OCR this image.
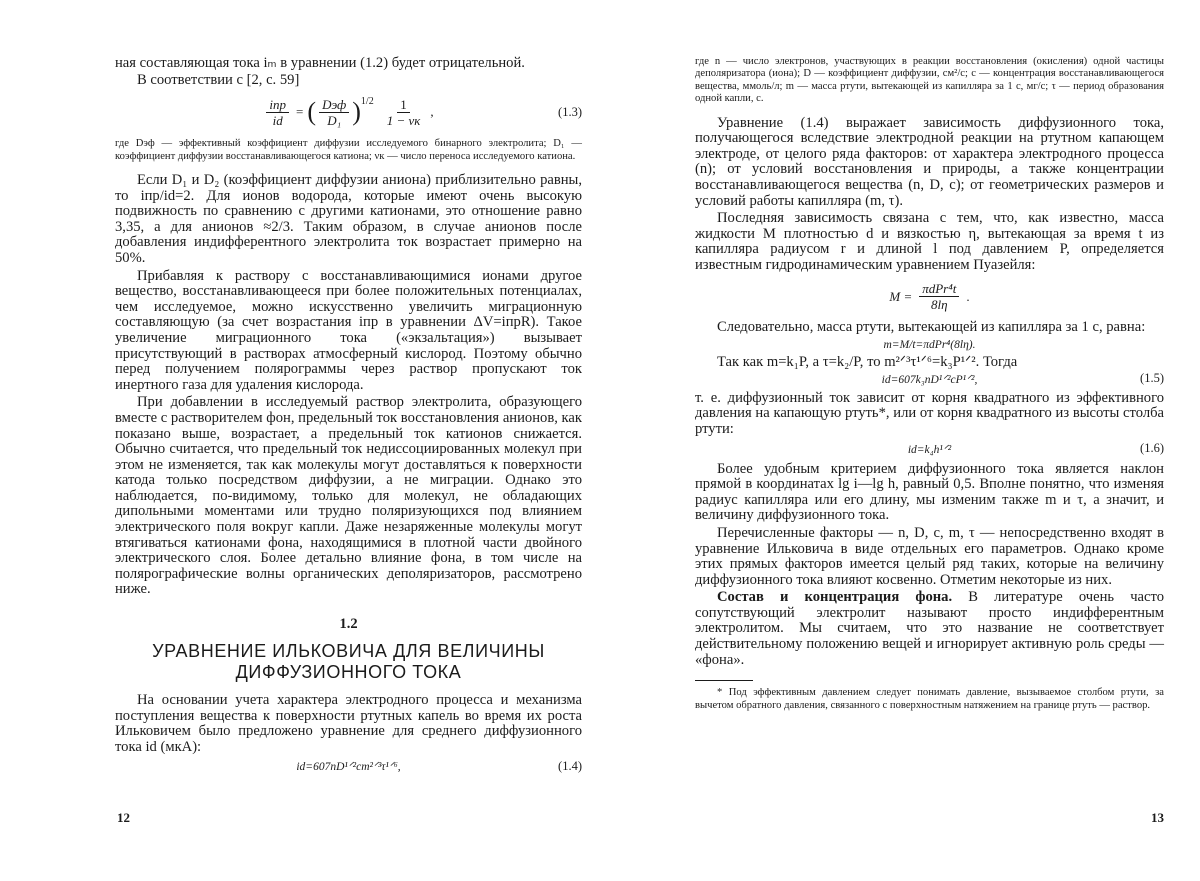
ная составляющая тока iₘ в уравнении (1.2) будет отрицательной.

В соответствии с [2, с. 59]

$\frac{\text{iпр}}{id}$ = ( $\frac{\text{Dэф}}{\text{D₁}} )^{1/2} \frac{1}{1 - \nu к}$ ,	(1.3)

где Dэф — эффективный коэффициент диффузии исследуемого бинарного электролита; D₁ — коэффициент диффузии восстанавливающегося катиона; νк — число переноса исследуемого катиона.

Если D₁ и D₂ (коэффициент диффузии аниона) приблизительно равны, то iпр/id=2. Для ионов водорода, которые имеют очень высокую подвижность по сравнению с другими катионами, это отношение равно 3,35, а для анионов ≈2/3. Таким образом, в случае анионов после добавления индифферентного электролита ток возрастает примерно на 50%.

Прибавляя к раствору с восстанавливающимися ионами другое вещество, восстанавливающееся при более положительных потенциалах, чем исследуемое, можно искусственно увеличить миграционную составляющую (за счет возрастания iпр в уравнении ΔV=iпрR). Такое увеличение миграционного тока («экзальтация») вызывает присутствующий в растворах атмосферный кислород. Поэтому обычно перед получением полярограммы через раствор пропускают ток инертного газа для удаления кислорода.

При добавлении в исследуемый раствор электролита, образующего вместе с растворителем фон, предельный ток восстановления анионов, как показано выше, возрастает, а предельный ток катионов снижается. Обычно считается, что предельный ток недиссоциированных молекул при этом не изменяется, так как молекулы могут доставляться к поверхности катода только посредством диффузии, а не миграции. Однако это наблюдается, по-видимому, только для молекул, не обладающих дипольными моментами или трудно поляризующихся под влиянием электрического поля вокруг капли. Даже незаряженные молекулы могут втягиваться катионами фона, находящимися в плотной части двойного электрического слоя. Более детально влияние фона, в том числе на полярографические волны органических деполяризаторов, рассмотрено ниже.

1.2
УРАВНЕНИЕ ИЛЬКОВИЧА ДЛЯ ВЕЛИЧИНЫ ДИФФУЗИОННОГО ТОКА

На основании учета характера электродного процесса и механизма поступления вещества к поверхности ртутных капель во время их роста Ильковичем было предложено уравнение для среднего диффузионного тока id (мкА):

id=607nD¹ᐟ²cm²ᐟ³τ¹ᐟ⁶,	(1.4)
12

где n — число электронов, участвующих в реакции восстановления (окисления) одной частицы деполяризатора (иона); D — коэффициент диффузии, см²/с; c — концентрация восстанавливающегося вещества, ммоль/л; m — масса ртути, вытекающей из капилляра за 1 с, мг/с; τ — период образования одной капли, с.

Уравнение (1.4) выражает зависимость диффузионного тока, получающегося вследствие электродной реакции на ртутном капающем электроде, от целого ряда факторов: от характера электродного процесса (n); от условий восстановления и природы, а также концентрации восстанавливающегося вещества (n, D, c); от геометрических размеров и условий работы капилляра (m, τ).

Последняя зависимость связана с тем, что, как известно, масса жидкости M плотностью d и вязкостью η, вытекающая за время t из капилляра радиусом r и длиной l под давлением P, определяется известным гидродинамическим уравнением Пуазейля:

$M = \frac{\text{πdPr⁴t}}{8l\eta}$ .

Следовательно, масса ртути, вытекающей из капилляра за 1 с, равна:

m=M/t=πdPr⁴(8lη).

Так как m=k₁P, а τ=k₂/P, то m²ᐟ³τ¹ᐟ⁶=k₃P¹ᐟ². Тогда

id=607k₃nD¹ᐟ²cP¹ᐟ²,	(1.5)

т. е. диффузионный ток зависит от корня квадратного из эффективного давления на капающую ртуть*, или от корня квадратного из высоты столба ртути:

id=k₄h¹ᐟ²	(1.6)

Более удобным критерием диффузионного тока является наклон прямой в координатах lg i—lg h, равный 0,5. Вполне понятно, что изменяя радиус капилляра или его длину, мы изменим также m и τ, а значит, и величину диффузионного тока.

Перечисленные факторы — n, D, c, m, τ — непосредственно входят в уравнение Ильковича в виде отдельных его параметров. Однако кроме этих прямых факторов имеется целый ряд таких, которые на величину диффузионного тока влияют косвенно. Отметим некоторые из них.

Состав и концентрация фона. В литературе очень часто сопутствующий электролит называют просто индифферентным электролитом. Мы считаем, что это название не соответствует действительному положению вещей и игнорирует активную роль среды — «фона».

* Под эффективным давлением следует понимать давление, вызываемое столбом ртути, за вычетом обратного давления, связанного с поверхностным натяжением на границе ртуть — раствор.

13
